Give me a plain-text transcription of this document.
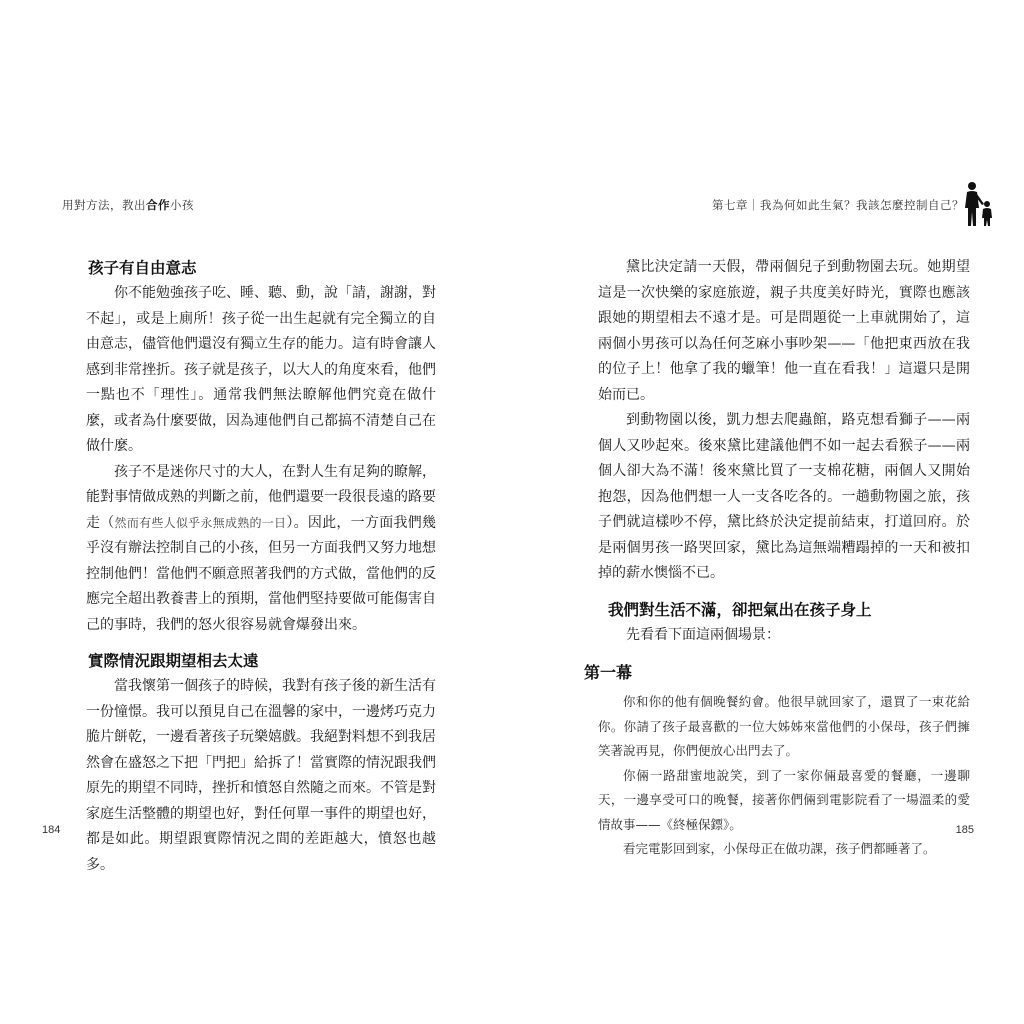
用對方法，教出合作小孩
孩子有自由意志

你不能勉強孩子吃、睡、聽、動，說「請，謝謝，對不起」，或是上廁所！孩子從一出生起就有完全獨立的自由意志，儘管他們還沒有獨立生存的能力。這有時會讓人感到非常挫折。孩子就是孩子，以大人的角度來看，他們一點也不「理性」。通常我們無法瞭解他們究竟在做什麼，或者為什麼要做，因為連他們自己都搞不清楚自己在做什麼。

孩子不是迷你尺寸的大人，在對人生有足夠的瞭解，能對事情做成熟的判斷之前，他們還要一段很長遠的路要走（然而有些人似乎永無成熟的一日）。因此，一方面我們幾乎沒有辦法控制自己的小孩，但另一方面我們又努力地想控制他們！當他們不願意照著我們的方式做，當他們的反應完全超出教養書上的預期，當他們堅持要做可能傷害自己的事時，我們的怒火很容易就會爆發出來。

實際情況跟期望相去太遠

當我懷第一個孩子的時候，我對有孩子後的新生活有一份憧憬。我可以預見自己在溫馨的家中，一邊烤巧克力脆片餅乾，一邊看著孩子玩樂嬉戲。我絕對料想不到我居然會在盛怒之下把「門把」給拆了！當實際的情況跟我們原先的期望不同時，挫折和憤怒自然隨之而來。不管是對家庭生活整體的期望也好，對任何單一事件的期望也好，都是如此。期望跟實際情況之間的差距越大，憤怒也越多。

184
第七章｜我為何如此生氣？我該怎麼控制自己？

黛比決定請一天假，帶兩個兒子到動物園去玩。她期望這是一次快樂的家庭旅遊，親子共度美好時光，實際也應該跟她的期望相去不遠才是。可是問題從一上車就開始了，這兩個小男孩可以為任何芝麻小事吵架——「他把東西放在我的位子上！他拿了我的蠟筆！他一直在看我！」這還只是開始而已。

到動物園以後，凱力想去爬蟲館，路克想看獅子——兩個人又吵起來。後來黛比建議他們不如一起去看猴子——兩個人卻大為不滿！後來黛比買了一支棉花糖，兩個人又開始抱怨，因為他們想一人一支各吃各的。一趟動物園之旅，孩子們就這樣吵不停，黛比終於決定提前結束，打道回府。於是兩個男孩一路哭回家，黛比為這無端糟蹋掉的一天和被扣掉的薪水懊惱不已。

我們對生活不滿，卻把氣出在孩子身上

先看看下面這兩個場景：

第一幕

你和你的他有個晚餐約會。他很早就回家了，還買了一束花給你。你請了孩子最喜歡的一位大姊姊來當他們的小保母，孩子們擁笑著說再見，你們便放心出門去了。

你倆一路甜蜜地說笑，到了一家你倆最喜愛的餐廳，一邊聊天，一邊享受可口的晚餐，接著你們倆到電影院看了一場溫柔的愛情故事——《終極保鏢》。

看完電影回到家，小保母正在做功課，孩子們都睡著了。

185
